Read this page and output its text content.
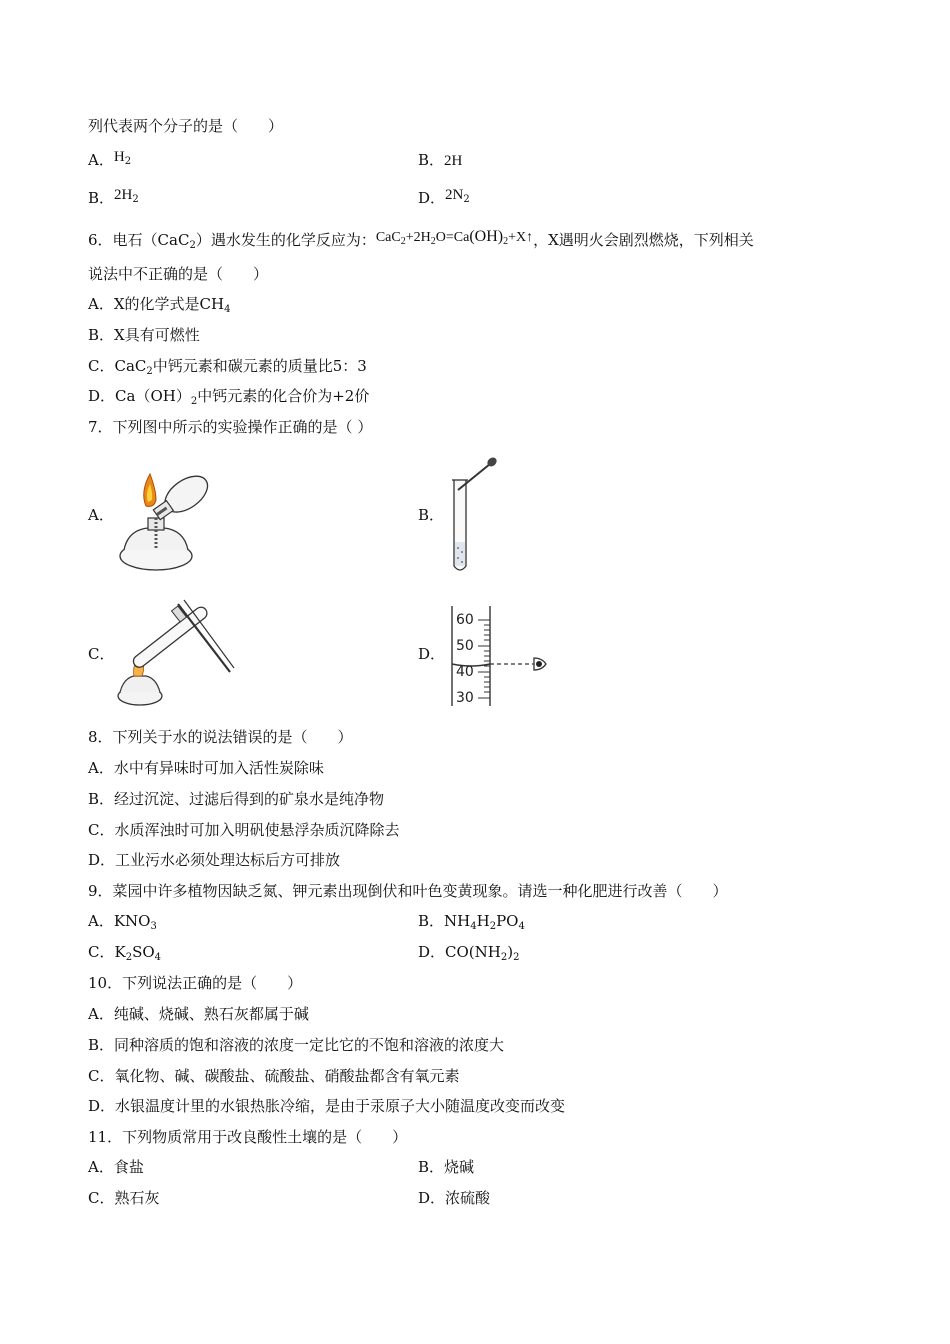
列代表两个分子的是（　　）
A．$H_2$	B．2H
B．$2H_2$	D．$2N_2$
6．电石（CaC$_2$）遇水发生的化学反应为：$CaC_2+2H_2O=Ca(OH)_2+X↑$，X遇明火会剧烈燃烧，下列相关
说法中不正确的是（　　）
A．X的化学式是$CH_4$
B．X具有可燃性
C．CaC$_2$中钙元素和碳元素的质量比5：3
D．$Ca(OH)_2$中钙元素的化合价为+2价
7．下列图中所示的实验操作正确的是（ ）
A．	B．
C．	D．
60
50
40
30
8．下列关于水的说法错误的是（　　）
A．水中有异味时可加入活性炭除味
B．经过沉淀、过滤后得到的矿泉水是纯净物
C．水质浑浊时可加入明矾使悬浮杂质沉降除去
D．工业污水必须处理达标后方可排放
9．菜园中许多植物因缺乏氮、钾元素出现倒伏和叶色变黄现象。请选一种化肥进行改善（　　）
A．$KNO_3$	B．$NH_4H_2PO_4$
C．$K_2SO_4$	D．$CO(NH_2)_2$
10．下列说法正确的是（　　）
A．纯碱、烧碱、熟石灰都属于碱
B．同种溶质的饱和溶液的浓度一定比它的不饱和溶液的浓度大
C．氧化物、碱、碳酸盐、硫酸盐、硝酸盐都含有氧元素
D．水银温度计里的水银热胀冷缩，是由于汞原子大小随温度改变而改变
11．下列物质常用于改良酸性土壤的是（　　）
A．食盐	B．烧碱
C．熟石灰	D．浓硫酸
